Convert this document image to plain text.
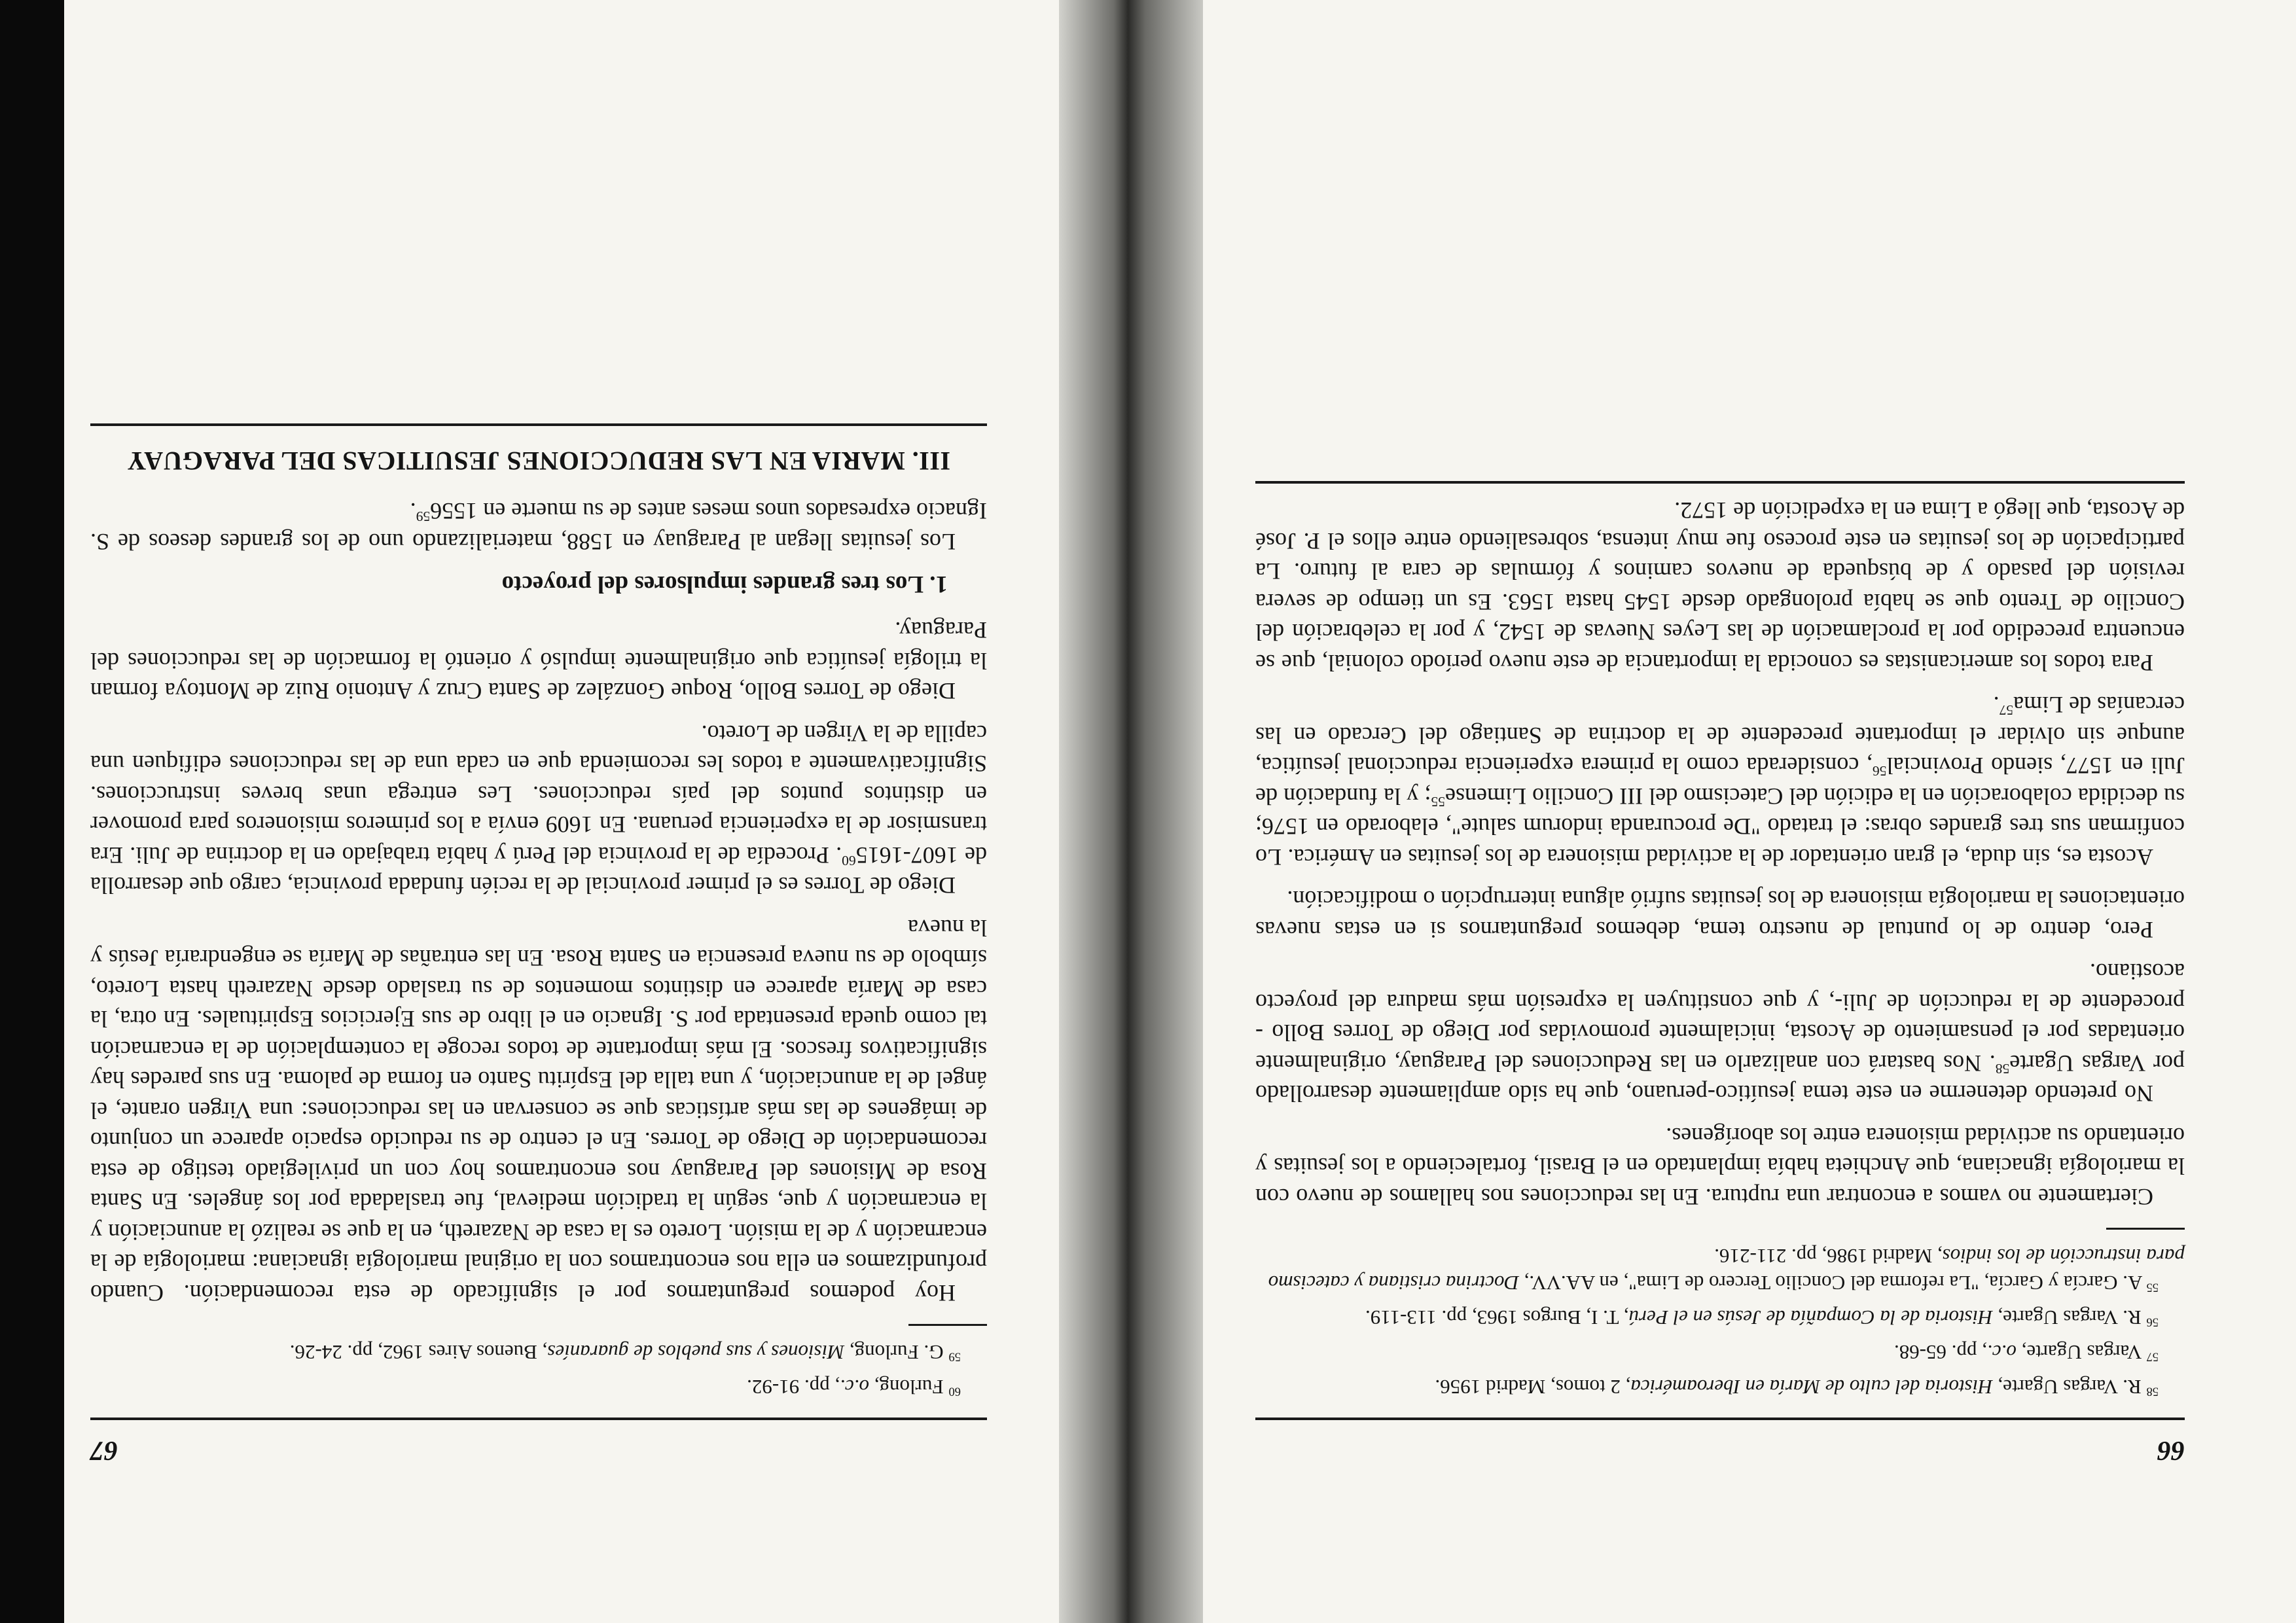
66
$^{58}$ R. Vargas Ugarte, Historia del culto de María en Iberoamérica, 2 tomos, Madrid 1956.
$^{57}$ Vargas Ugarte, o.c., pp. 65-68.
$^{56}$ R. Vargas Ugarte, Historia de la Compañía de Jesús en el Perú, T. I, Burgos 1963, pp. 113-119.
$^{55}$ A. García y García, "La reforma del Concilio Tercero de Lima", en AA.VV., Doctrina cristiana y catecismo para instrucción de los indios, Madrid 1986, pp. 211-216.

Ciertamente no vamos a encontrar una ruptura. En las reducciones nos hallamos de nuevo con la mariología ignaciana, que Anchieta había implantado en el Brasil, fortaleciendo a los jesuitas y orientando su actividad misionera entre los aborígenes.

No pretendo detenerme en este tema jesuítico-peruano, que ha sido ampliamente desarrollado por Vargas Ugarte$^{58}$. Nos bastará con analizarlo en las Reducciones del Paraguay, originalmente orientadas por el pensamiento de Acosta, inicialmente promovidas por Diego de Torres Bollo -procedente de la reducción de Juli-, y que constituyen la expresión más madura del proyecto acostiano.

Pero, dentro de lo puntual de nuestro tema, debemos preguntarnos si en estas nuevas orientaciones la mariología misionera de los jesuitas sufrió alguna interrupción o modificación.

Acosta es, sin duda, el gran orientador de la actividad misionera de los jesuitas en América. Lo confirman sus tres grandes obras: el tratado "De procuranda indorum salute", elaborado en 1576; su decidida colaboración en la edición del Catecismo del III Concilio Limense$^{55}$; y la fundación de Juli en 1577, siendo Provincial$^{56}$, considerada como la primera experiencia reduccional jesuítica, aunque sin olvidar el importante precedente de la doctrina de Santiago del Cercado en las cercanías de Lima$^{57}$.

Para todos los americanistas es conocida la importancia de este nuevo período colonial, que se encuentra precedido por la proclamación de las Leyes Nuevas de 1542, y por la celebración del Concilio de Trento que se había prolongado desde 1545 hasta 1563. Es un tiempo de severa revisión del pasado y de búsqueda de nuevos caminos y fórmulas de cara al futuro. La participación de los jesuitas en este proceso fue muy intensa, sobresaliendo entre ellos el P. José de Acosta, que llegó a Lima en la expedición de 1572.

67
$^{60}$ Furlong, o.c., pp. 91-92.
$^{59}$ G. Furlong, Misiones y sus pueblos de guaraníes, Buenos Aires 1962, pp. 24-26.

Hoy podemos preguntarnos por el significado de esta recomendación. Cuando profundizamos en ella nos encontramos con la original mariología ignaciana: mariología de la encarnación y de la misión. Loreto es la casa de Nazareth, en la que se realizó la anunciación y la encarnación y que, según la tradición medieval, fue trasladada por los ángeles. En Santa Rosa de Misiones del Paraguay nos encontramos hoy con un privilegiado testigo de esta recomendación de Diego de Torres. En el centro de su reducido espacio aparece un conjunto de imágenes de las más artísticas que se conservan en las reducciones: una Virgen orante, el ángel de la anunciación, y una talla del Espíritu Santo en forma de paloma. En sus paredes hay significativos frescos. El más importante de todos recoge la contemplación de la encarnación tal como queda presentada por S. Ignacio en el libro de sus Ejercicios Espirituales. En otra, la casa de María aparece en distintos momentos de su traslado desde Nazareth hasta Loreto, símbolo de su nueva presencia en Santa Rosa. En las entrañas de María se engendraría Jesús y la nueva

Diego de Torres es el primer provincial de la recién fundada provincia, cargo que desarrolla de 1607-1615$^{60}$. Procedía de la provincia del Perú y había trabajado en la doctrina de Juli. Era transmisor de la experiencia peruana. En 1609 envía a los primeros misioneros para promover en distintos puntos del país reducciones. Les entrega unas breves instrucciones. Significativamente a todos les recomienda que en cada una de las reducciones edifiquen una capilla de la Virgen de Loreto.

Diego de Torres Bollo, Roque González de Santa Cruz y Antonio Ruiz de Montoya forman la trilogía jesuítica que originalmente impulsó y orientó la formación de las reducciones del Paraguay.

1. Los tres grandes impulsores del proyecto

Los jesuitas llegan al Paraguay en 1588, materializando uno de los grandes deseos de S. Ignacio expresados unos meses antes de su muerte en 1556$^{59}$.

III. MARIA EN LAS REDUCCIONES JESUITICAS DEL PARAGUAY
